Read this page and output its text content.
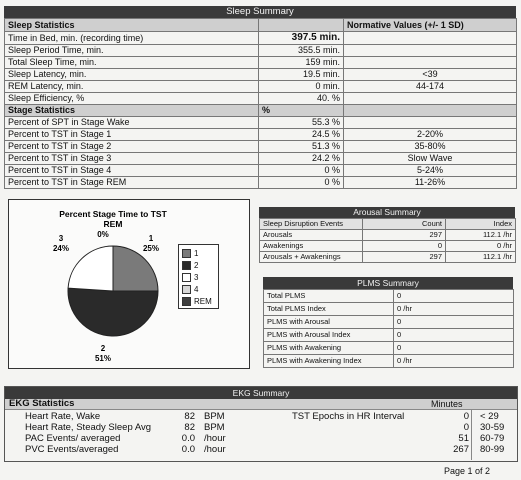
Sleep Summary
Sleep Statistics		Normative Values (+/- 1 SD)
Time in Bed, min. (recording time)	397.5 min.	
Sleep Period Time, min.	355.5 min.	
Total Sleep Time, min.	159 min.	
Sleep Latency, min.	19.5 min.	<39
REM Latency, min.	0 min.	44-174
Sleep Efficiency, %	40. %	
Stage Statistics	%	
Percent of SPT in Stage Wake	55.3 %	
Percent to TST in Stage 1	24.5 %	2-20%
Percent to TST in Stage 2	51.3 %	35-80%
Percent to TST in Stage 3	24.2 %	Slow Wave
Percent to TST in Stage 4	0 %	5-24%
Percent to TST in Stage REM	0 %	11-26%
Percent Stage Time to TST
REM
1
25%
2
51%
3
24%
0%
1
2
3
4
REM
Arousal Summary
Sleep Disruption Events	Count	Index
Arousals	297	112.1 /hr
Awakenings	0	0 /hr
Arousals + Awakenings	297	112.1 /hr
PLMS Summary
Total PLMS	0
Total PLMS Index	0 /hr
PLMS with Arousal	0
PLMS with Arousal Index	0
PLMS with Awakening	0
PLMS with Awakening Index	0 /hr
EKG Summary
EKG Statistics	Minutes
Heart Rate, Wake	82	BPM	TST Epochs in HR Interval	0	< 29
Heart Rate, Steady Sleep Avg	82	BPM		0	30-59
PAC Events/ averaged	0.0	/hour		51	60-79
PVC Events/averaged	0.0	/hour		267	80-99
Page 1 of 2
